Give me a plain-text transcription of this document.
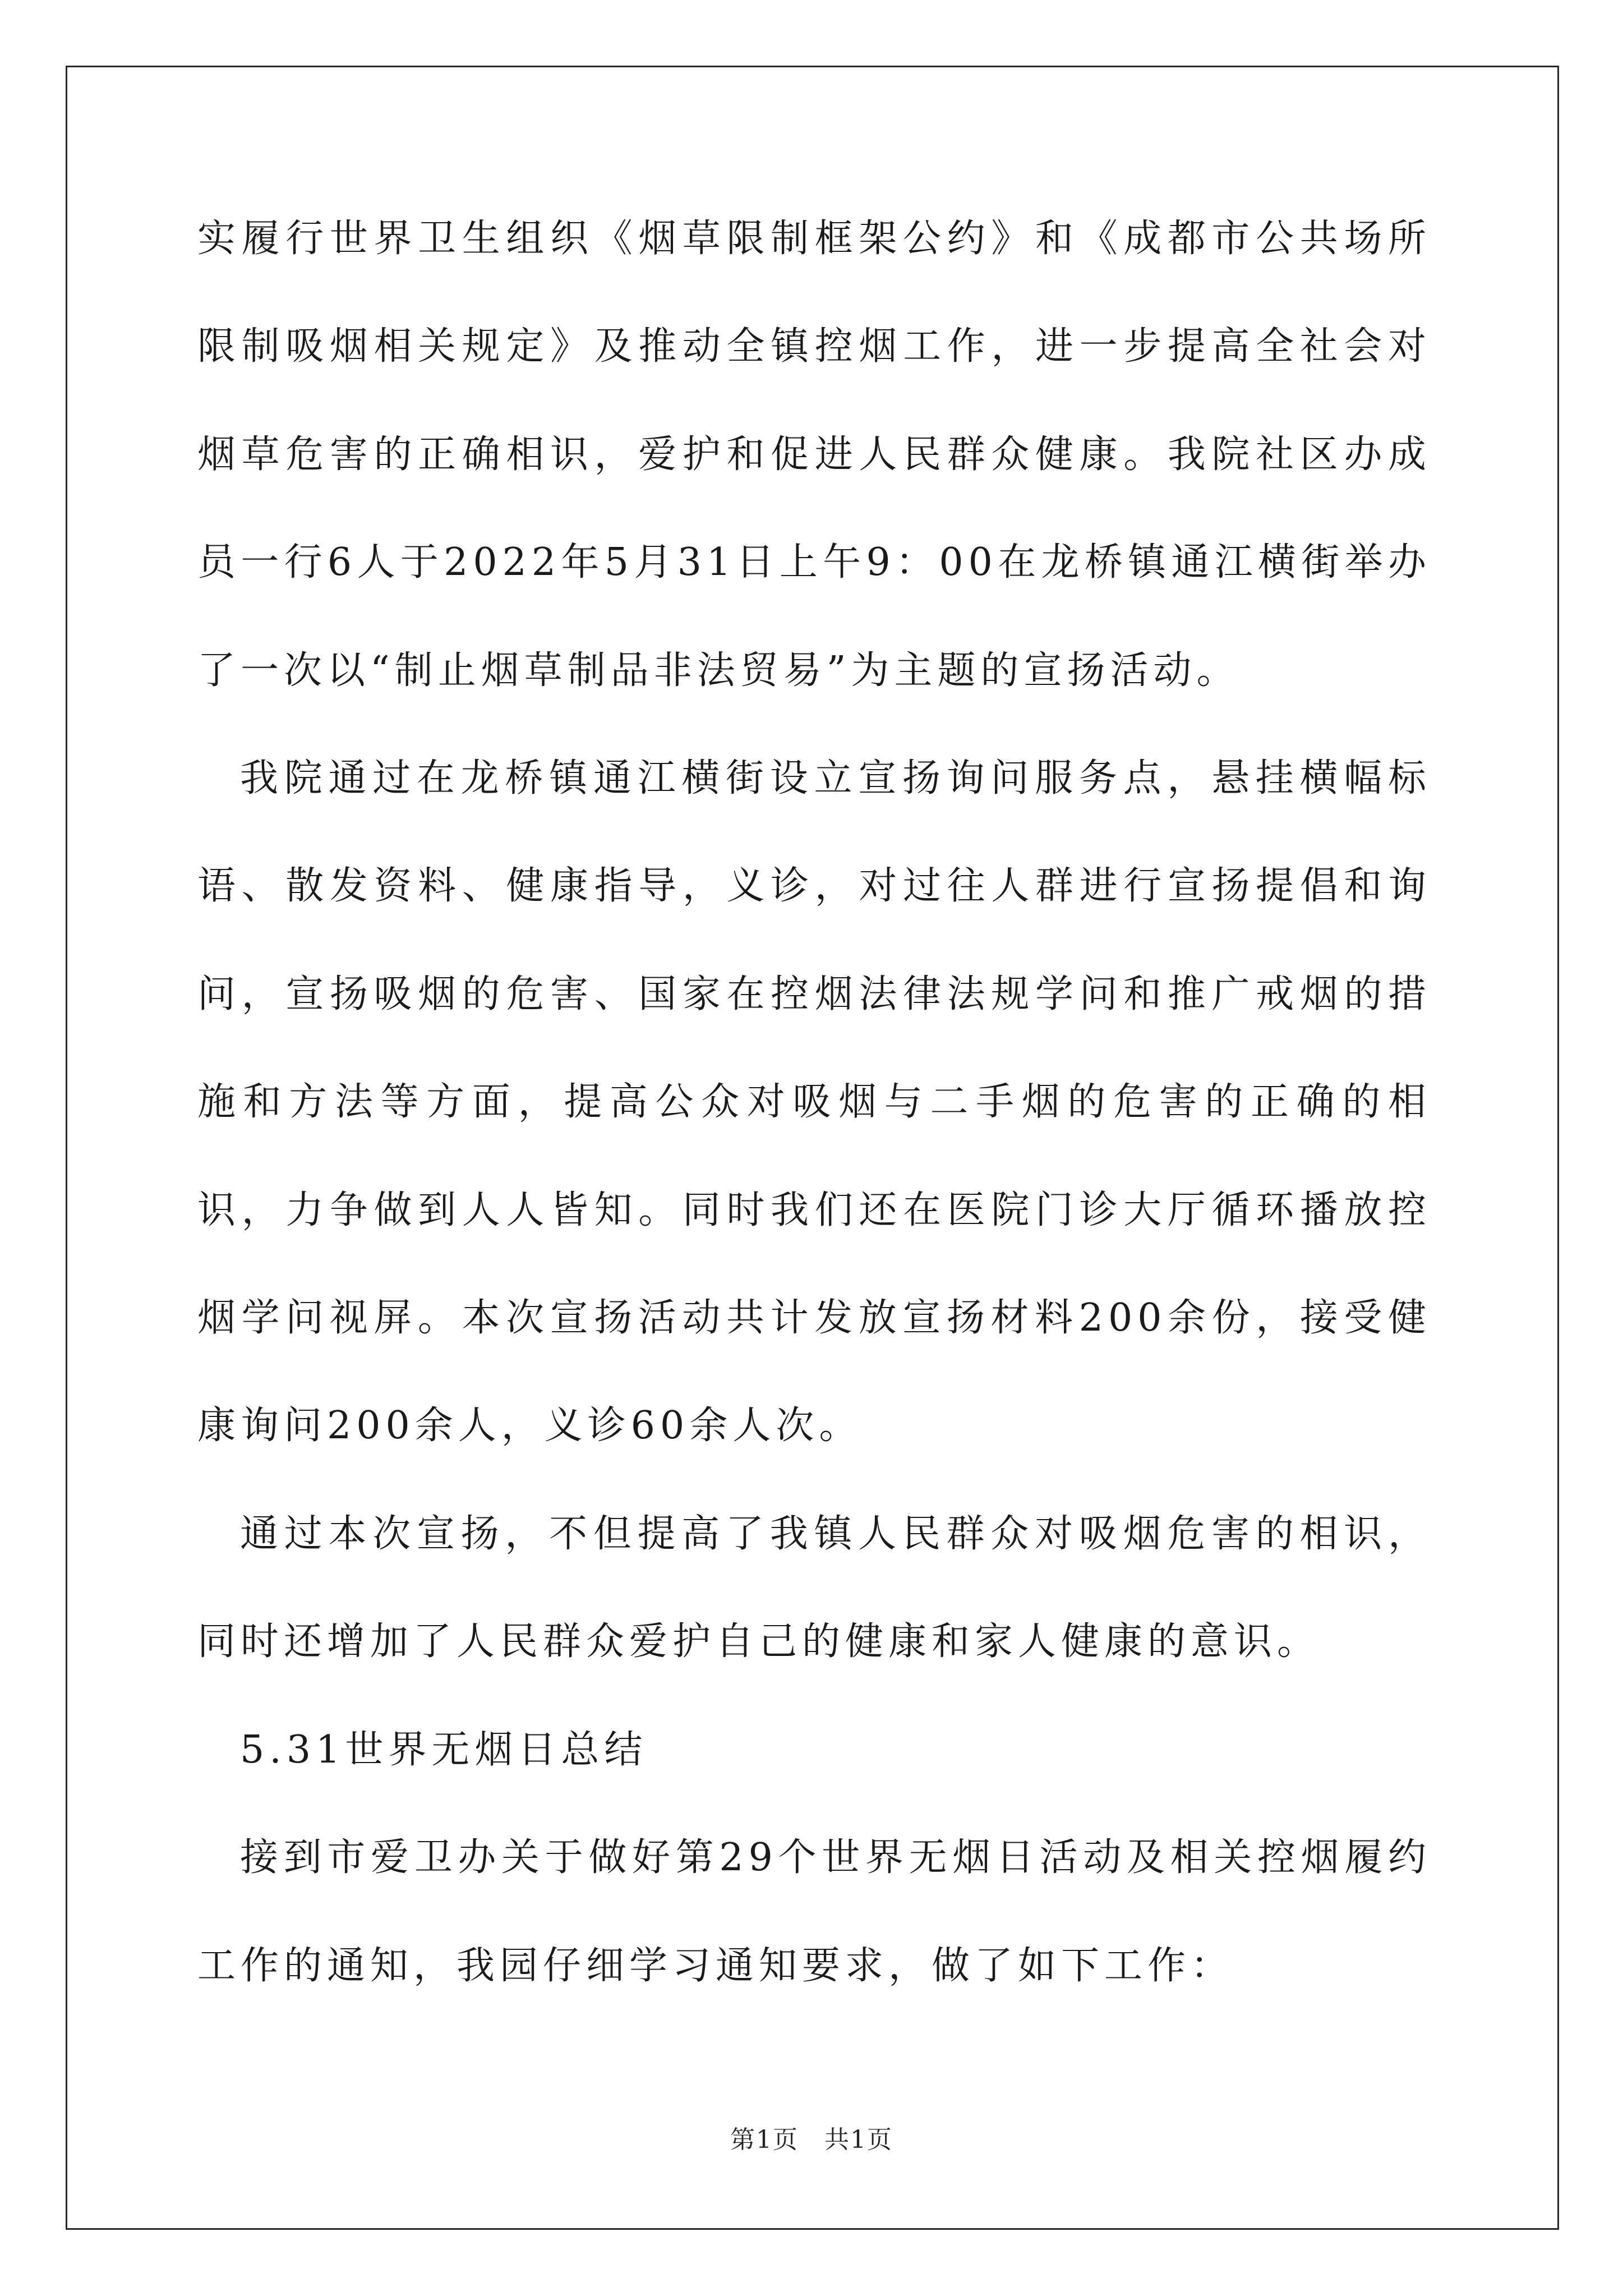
实履行世界卫生组织《烟草限制框架公约》和《成都市公共场所限制吸烟相关规定》及推动全镇控烟工作，进一步提高全社会对烟草危害的正确相识，爱护和促进人民群众健康。我院社区办成员一行6人于2022年5月31日上午9：00在龙桥镇通江横街举办了一次以“制止烟草制品非法贸易”为主题的宣扬活动。

我院通过在龙桥镇通江横街设立宣扬询问服务点，悬挂横幅标语、散发资料、健康指导，义诊，对过往人群进行宣扬提倡和询问，宣扬吸烟的危害、国家在控烟法律法规学问和推广戒烟的措施和方法等方面，提高公众对吸烟与二手烟的危害的正确的相识，力争做到人人皆知。同时我们还在医院门诊大厅循环播放控烟学问视屏。本次宣扬活动共计发放宣扬材料200余份，接受健康询问200余人，义诊60余人次。

通过本次宣扬，不但提高了我镇人民群众对吸烟危害的相识，同时还增加了人民群众爱护自己的健康和家人健康的意识。

5.31世界无烟日总结

接到市爱卫办关于做好第29个世界无烟日活动及相关控烟履约工作的通知，我园仔细学习通知要求，做了如下工作：

第1页　共1页
